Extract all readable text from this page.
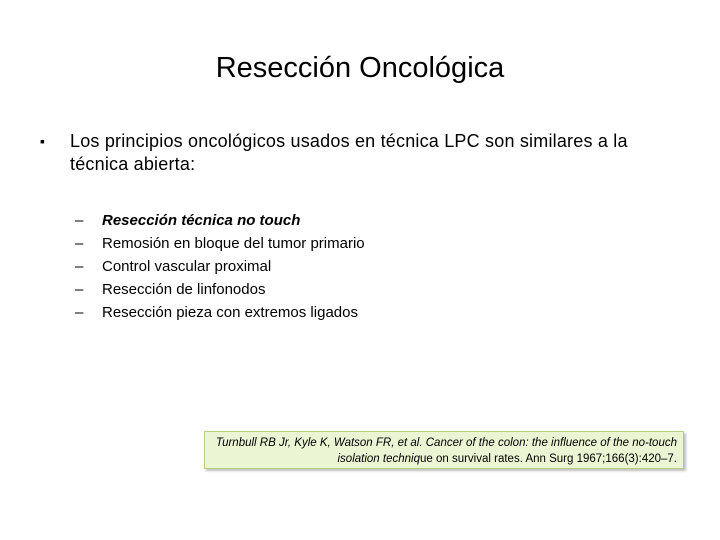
Resección Oncológica
▪ Los principios oncológicos usados en técnica LPC son similares a la técnica abierta:
– Resección técnica no touch
– Remosión en bloque del tumor primario
– Control vascular proximal
– Resección de linfonodos
– Resección pieza con extremos ligados
Turnbull RB Jr, Kyle K, Watson FR, et al. Cancer of the colon: the influence of the no-touch isolation technique on survival rates. Ann Surg 1967;166(3):420–7.
